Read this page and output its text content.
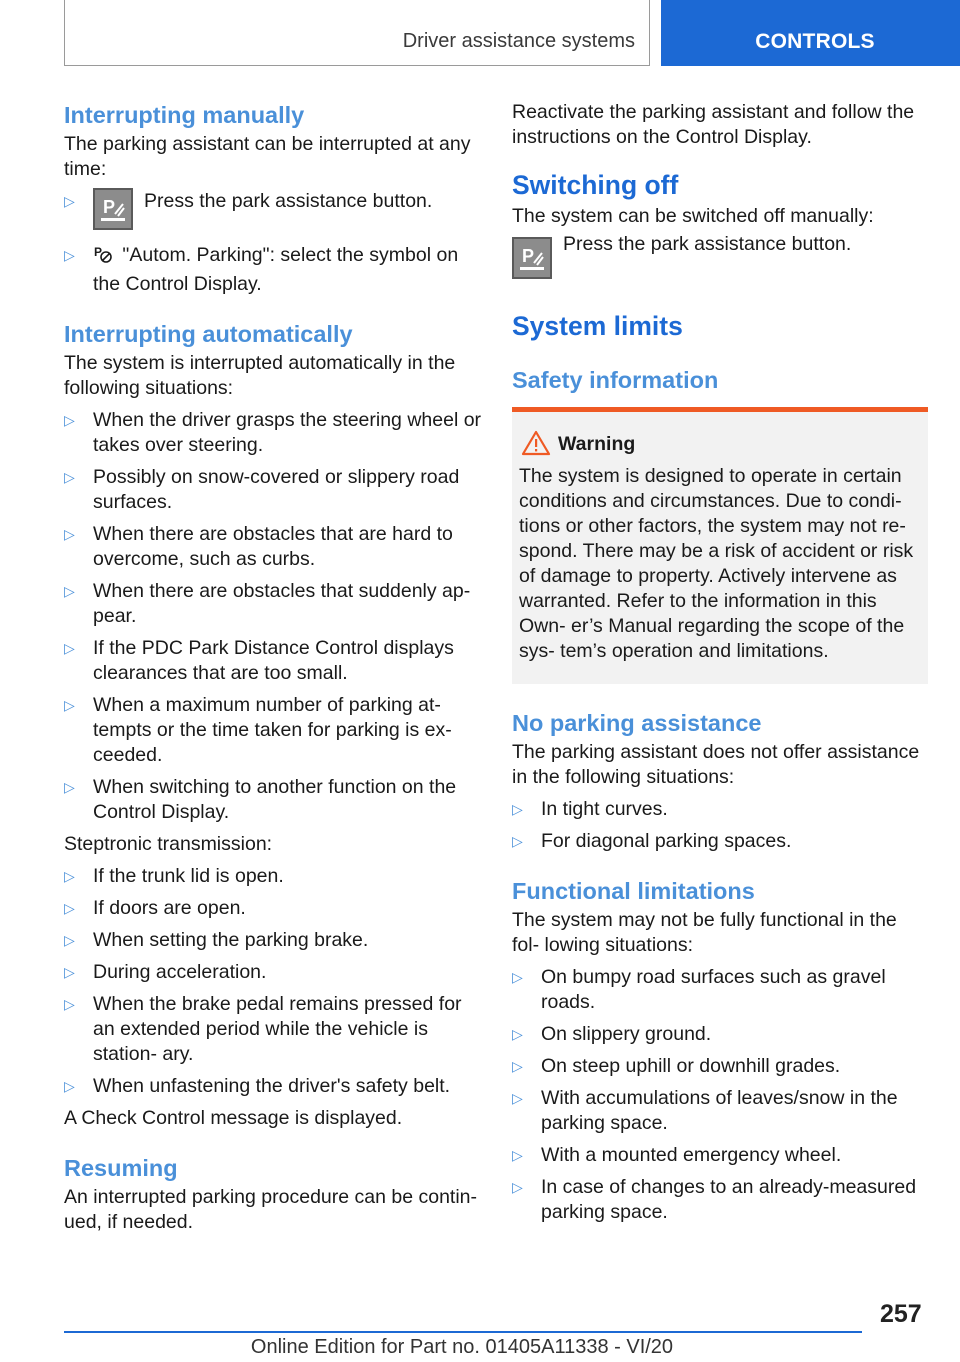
Driver assistance systems	CONTROLS
Interrupting manually

The parking assistant can be interrupted at any time:

▷ P Press the park assistance button.
▷ P "Autom. Parking": select the symbol on the Control Display.
Interrupting automatically

The system is interrupted automatically in the following situations:

▷ When the driver grasps the steering wheel or takes over steering.
▷ Possibly on snow-covered or slippery road surfaces.
▷ When there are obstacles that are hard to overcome, such as curbs.
▷ When there are obstacles that suddenly ap‐ pear.
▷ If the PDC Park Distance Control displays clearances that are too small.
▷ When a maximum number of parking at‐ tempts or the time taken for parking is ex‐ ceeded.
▷ When switching to another function on the Control Display.

Steptronic transmission:

▷ If the trunk lid is open.
▷ If doors are open.
▷ When setting the parking brake.
▷ During acceleration.
▷ When the brake pedal remains pressed for an extended period while the vehicle is station‐ ary.
▷ When unfastening the driver's safety belt.

A Check Control message is displayed.

Resuming

An interrupted parking procedure can be contin‐ ued, if needed.

Reactivate the parking assistant and follow the instructions on the Control Display.

Switching off

The system can be switched off manually:

P

Press the park assistance button.

System limits
Safety information
Warning

The system is designed to operate in certain conditions and circumstances. Due to condi‐ tions or other factors, the system may not re‐ spond. There may be a risk of accident or risk of damage to property. Actively intervene as warranted. Refer to the information in this Own‐ er’s Manual regarding the scope of the sys‐ tem’s operation and limitations.

No parking assistance

The parking assistant does not offer assistance in the following situations:

▷ In tight curves.
▷ For diagonal parking spaces.
Functional limitations

The system may not be fully functional in the fol‐ lowing situations:

▷ On bumpy road surfaces such as gravel roads.
▷ On slippery ground.
▷ On steep uphill or downhill grades.
▷ With accumulations of leaves/snow in the parking space.
▷ With a mounted emergency wheel.
▷ In case of changes to an already-measured parking space.
257
Online Edition for Part no. 01405A11338 - VI/20
